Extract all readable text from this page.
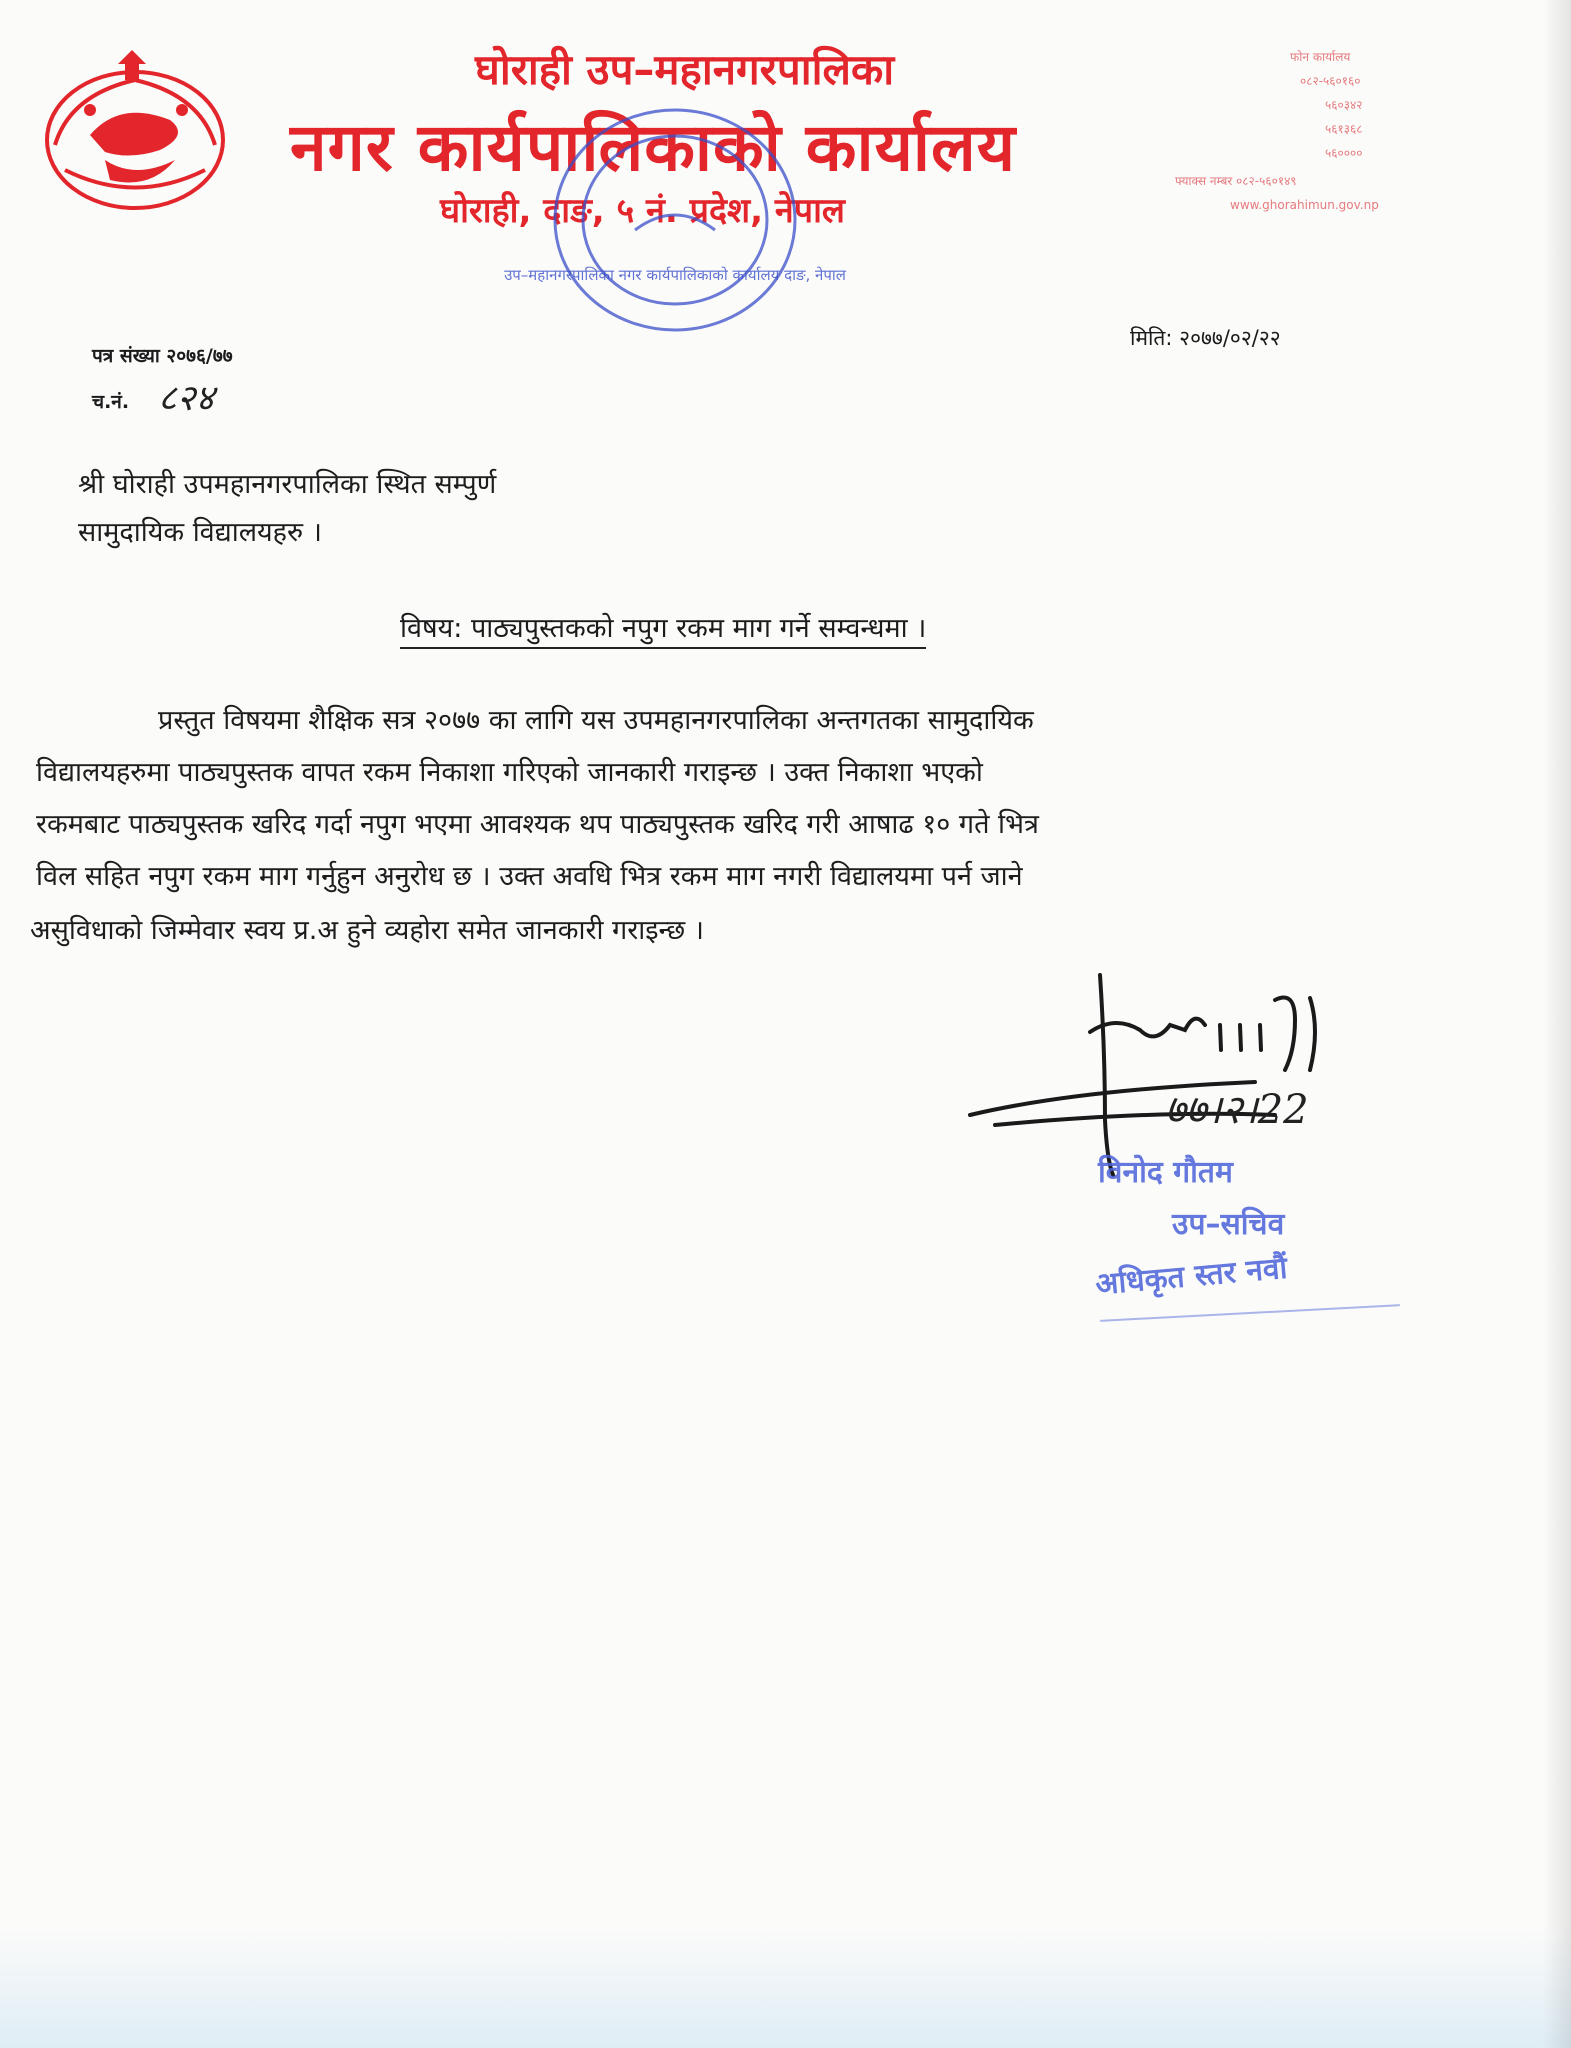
घोराही उप–महानगरपालिका
नगर कार्यपालिकाको कार्यालय
घोराही, दाङ, ५ नं. प्रदेश, नेपाल
फोन कार्यालय
०८२-५६०१६०
५६०३४२
५६१३६८
५६००००
फ्याक्स नम्बर ०८२-५६०१४९
www.ghorahimun.gov.np
उप–महानगरपालिका नगर कार्यपालिकाको कार्यालय दाङ, नेपाल
पत्र संख्या २०७६/७७
च.नं. ८२४
मिति: २०७७/०२/२२
श्री घोराही उपमहानगरपालिका स्थित सम्पुर्ण
सामुदायिक विद्यालयहरु ।
विषय: पाठ्यपुस्तकको नपुग रकम माग गर्ने सम्वन्धमा ।
प्रस्तुत विषयमा शैक्षिक सत्र २०७७ का लागि यस उपमहानगरपालिका अन्तगतका सामुदायिक
विद्यालयहरुमा पाठ्यपुस्तक वापत रकम निकाशा गरिएको जानकारी गराइन्छ । उक्त निकाशा भएको
रकमबाट पाठ्यपुस्तक खरिद गर्दा नपुग भएमा आवश्यक थप पाठ्यपुस्तक खरिद गरी आषाढ १० गते भित्र
विल सहित नपुग रकम माग गर्नुहुन अनुरोध छ । उक्त अवधि भित्र रकम माग नगरी विद्यालयमा पर्न जाने
असुविधाको जिम्मेवार स्वय प्र.अ हुने व्यहोरा समेत जानकारी गराइन्छ ।
७७।२।22
विनोद गौतम
उप–सचिव
अधिकृत स्तर नवौं
